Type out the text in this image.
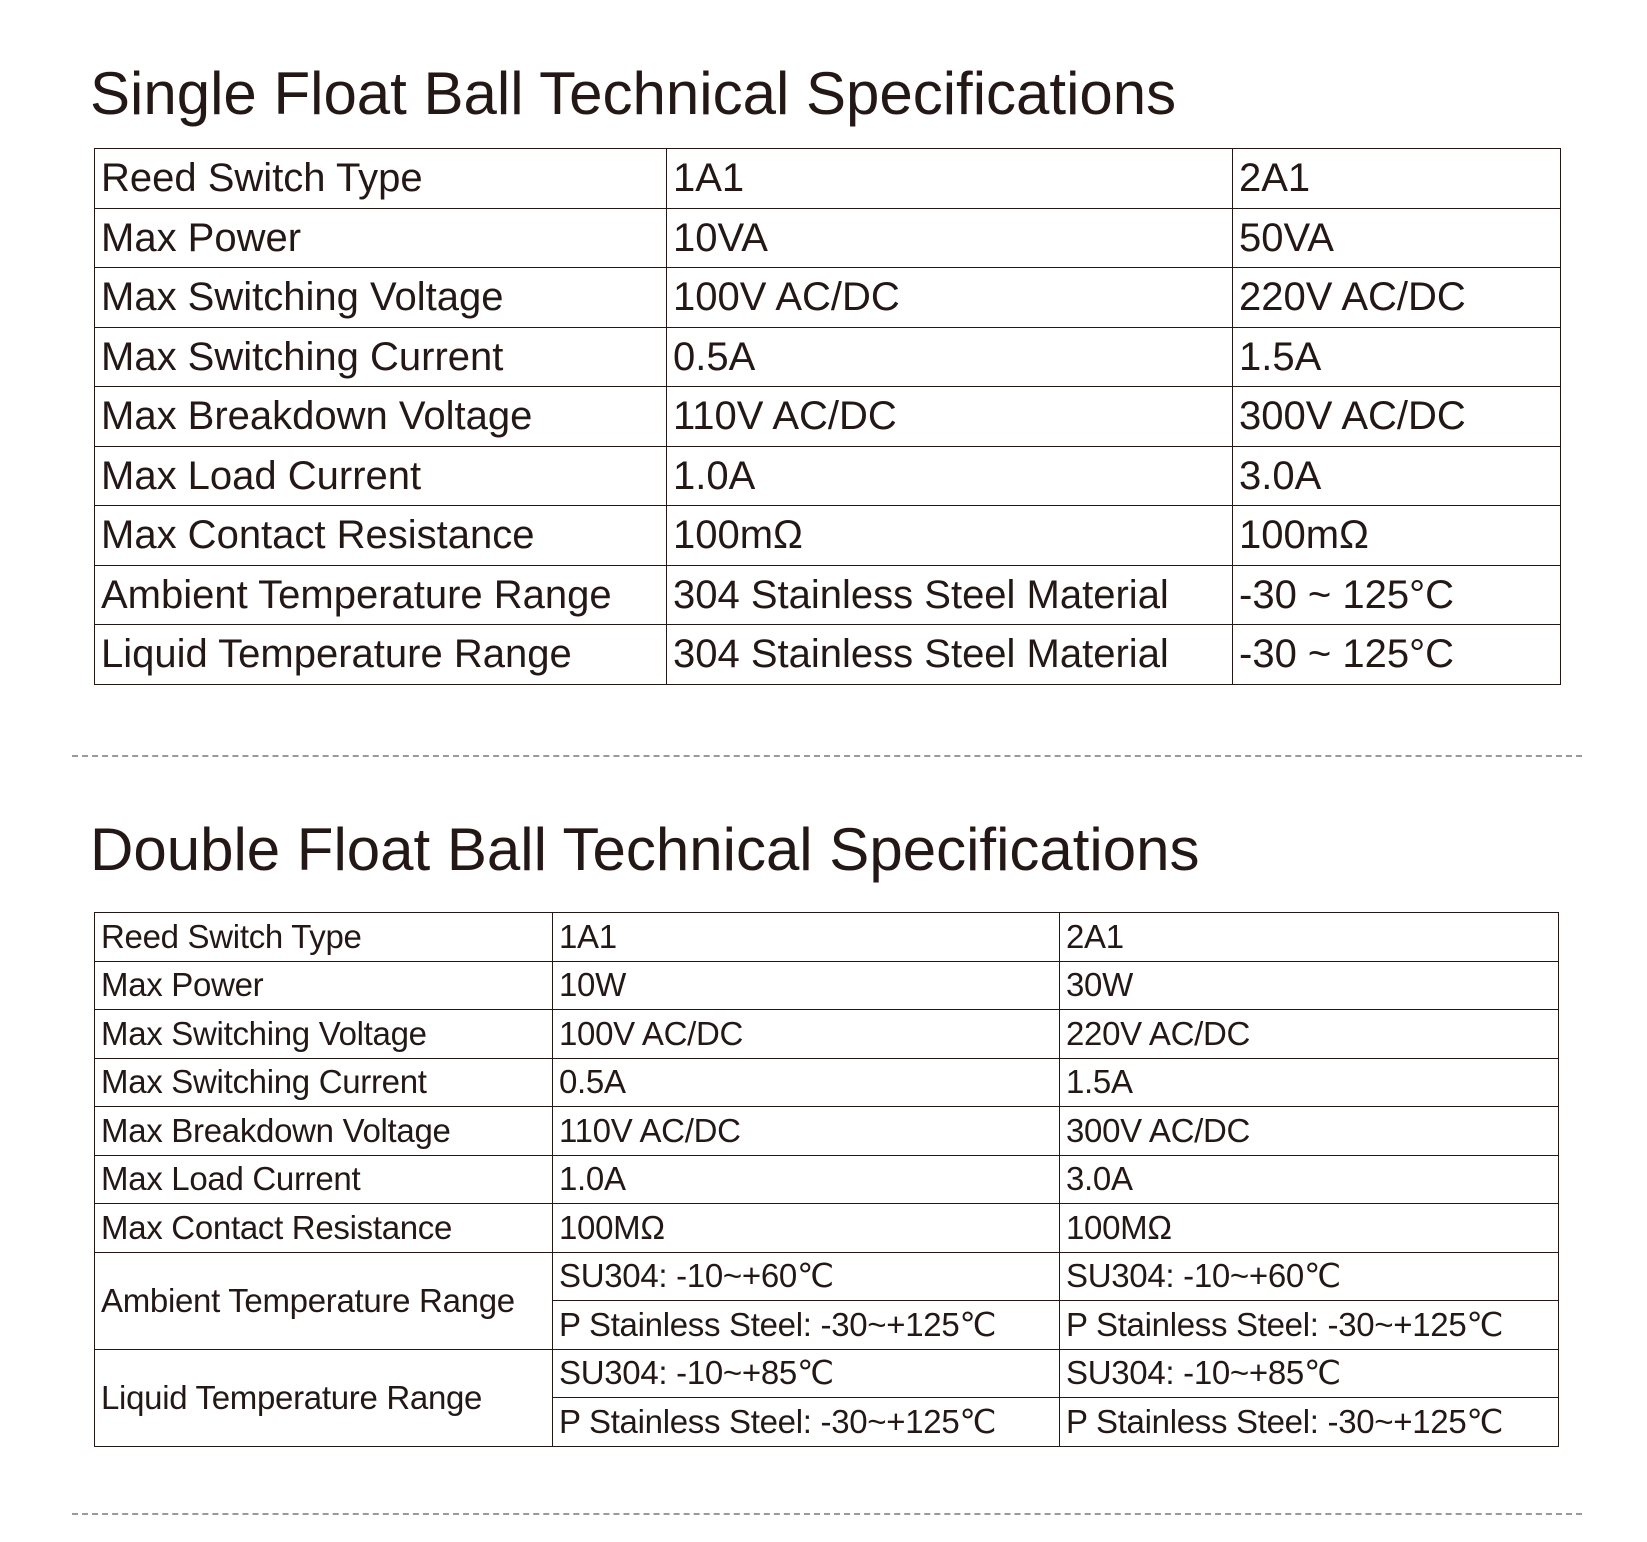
Single Float Ball Technical Specifications
Reed Switch Type	1A1	2A1
Max Power	10VA	50VA
Max Switching Voltage	100V AC/DC	220V AC/DC
Max Switching Current	0.5A	1.5A
Max Breakdown Voltage	110V AC/DC	300V AC/DC
Max Load Current	1.0A	3.0A
Max Contact Resistance	100mΩ	100mΩ
Ambient Temperature Range	304 Stainless Steel Material	-30 ~ 125°C
Liquid Temperature Range	304 Stainless Steel Material	-30 ~ 125°C
Double Float Ball Technical Specifications
Reed Switch Type	1A1	2A1
Max Power	10W	30W
Max Switching Voltage	100V AC/DC	220V AC/DC
Max Switching Current	0.5A	1.5A
Max Breakdown Voltage	110V AC/DC	300V AC/DC
Max Load Current	1.0A	3.0A
Max Contact Resistance	100MΩ	100MΩ
Ambient Temperature Range	SU304: -10~+60℃	SU304: -10~+60℃
	P Stainless Steel: -30~+125℃	P Stainless Steel: -30~+125℃
Liquid Temperature Range	SU304: -10~+85℃	SU304: -10~+85℃
	P Stainless Steel: -30~+125℃	P Stainless Steel: -30~+125℃
